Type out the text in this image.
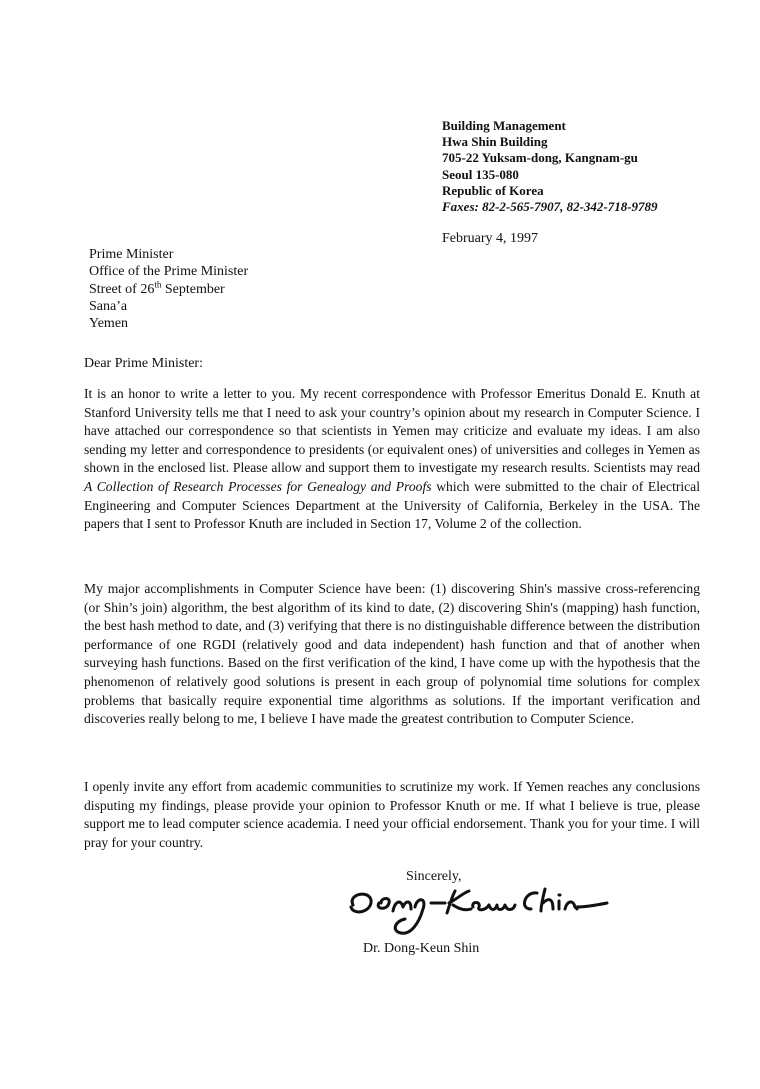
Building Management
Hwa Shin Building
705-22 Yuksam-dong, Kangnam-gu
Seoul 135-080
Republic of Korea
Faxes: 82-2-565-7907, 82-342-718-9789
February 4, 1997
Prime Minister
Office of the Prime Minister
Street of 26th September
Sana’a
Yemen
Dear Prime Minister:

It is an honor to write a letter to you. My recent correspondence with Professor Emeritus Donald E. Knuth at Stanford University tells me that I need to ask your country’s opinion about my research in Computer Science. I have attached our correspondence so that scientists in Yemen may criticize and evaluate my ideas. I am also sending my letter and correspondence to presidents (or equivalent ones) of universities and colleges in Yemen as shown in the enclosed list. Please allow and support them to investigate my research results. Scientists may read A Collection of Research Processes for Genealogy and Proofs which were submitted to the chair of Electrical Engineering and Computer Sciences Department at the University of California, Berkeley in the USA. The papers that I sent to Professor Knuth are included in Section 17, Volume 2 of the collection.

My major accomplishments in Computer Science have been: (1) discovering Shin's massive cross-referencing (or Shin’s join) algorithm, the best algorithm of its kind to date, (2) discovering Shin's (mapping) hash function, the best hash method to date, and (3) verifying that there is no distinguishable difference between the distribution performance of one RGDI (relatively good and data independent) hash function and that of another when surveying hash functions. Based on the first verification of the kind, I have come up with the hypothesis that the phenomenon of relatively good solutions is present in each group of polynomial time solutions for complex problems that basically require exponential time algorithms as solutions. If the important verification and discoveries really belong to me, I believe I have made the greatest contribution to Computer Science.

I openly invite any effort from academic communities to scrutinize my work. If Yemen reaches any conclusions disputing my findings, please provide your opinion to Professor Knuth or me. If what I believe is true, please support me to lead computer science academia. I need your official endorsement. Thank you for your time. I will pray for your country.

Sincerely,
Dr. Dong-Keun Shin
